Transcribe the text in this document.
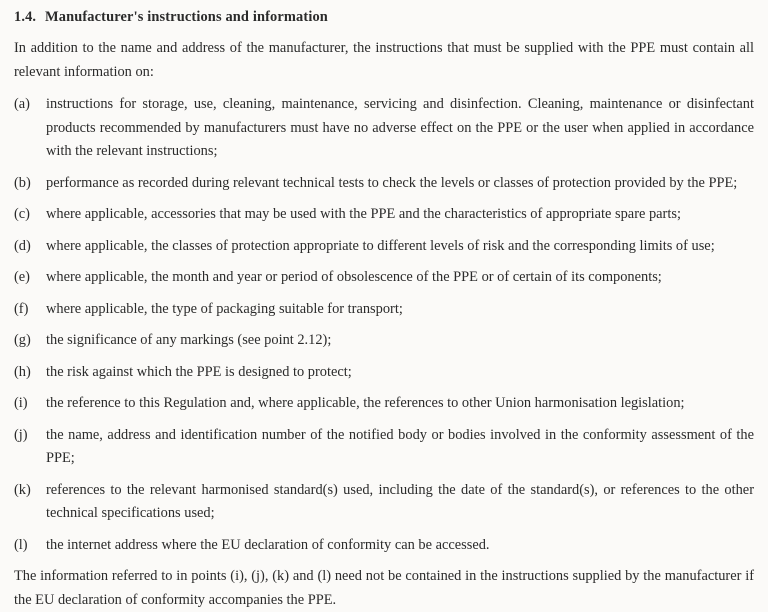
1.4. Manufacturer's instructions and information

In addition to the name and address of the manufacturer, the instructions that must be supplied with the PPE must contain all relevant information on:

(a)	instructions for storage, use, cleaning, maintenance, servicing and disinfection. Cleaning, maintenance or disinfectant products recommended by manufacturers must have no adverse effect on the PPE or the user when applied in accordance with the relevant instructions;
(b)	performance as recorded during relevant technical tests to check the levels or classes of protection provided by the PPE;
(c)	where applicable, accessories that may be used with the PPE and the characteristics of appropriate spare parts;
(d)	where applicable, the classes of protection appropriate to different levels of risk and the corresponding limits of use;
(e)	where applicable, the month and year or period of obsolescence of the PPE or of certain of its components;
(f)	where applicable, the type of packaging suitable for transport;
(g)	the significance of any markings (see point 2.12);
(h)	the risk against which the PPE is designed to protect;
(i)	the reference to this Regulation and, where applicable, the references to other Union harmonisation legislation;
(j)	the name, address and identification number of the notified body or bodies involved in the conformity assessment of the PPE;
(k)	references to the relevant harmonised standard(s) used, including the date of the standard(s), or references to the other technical specifications used;
(l)	the internet address where the EU declaration of conformity can be accessed.

The information referred to in points (i), (j), (k) and (l) need not be contained in the instructions supplied by the manufacturer if the EU declaration of conformity accompanies the PPE.
